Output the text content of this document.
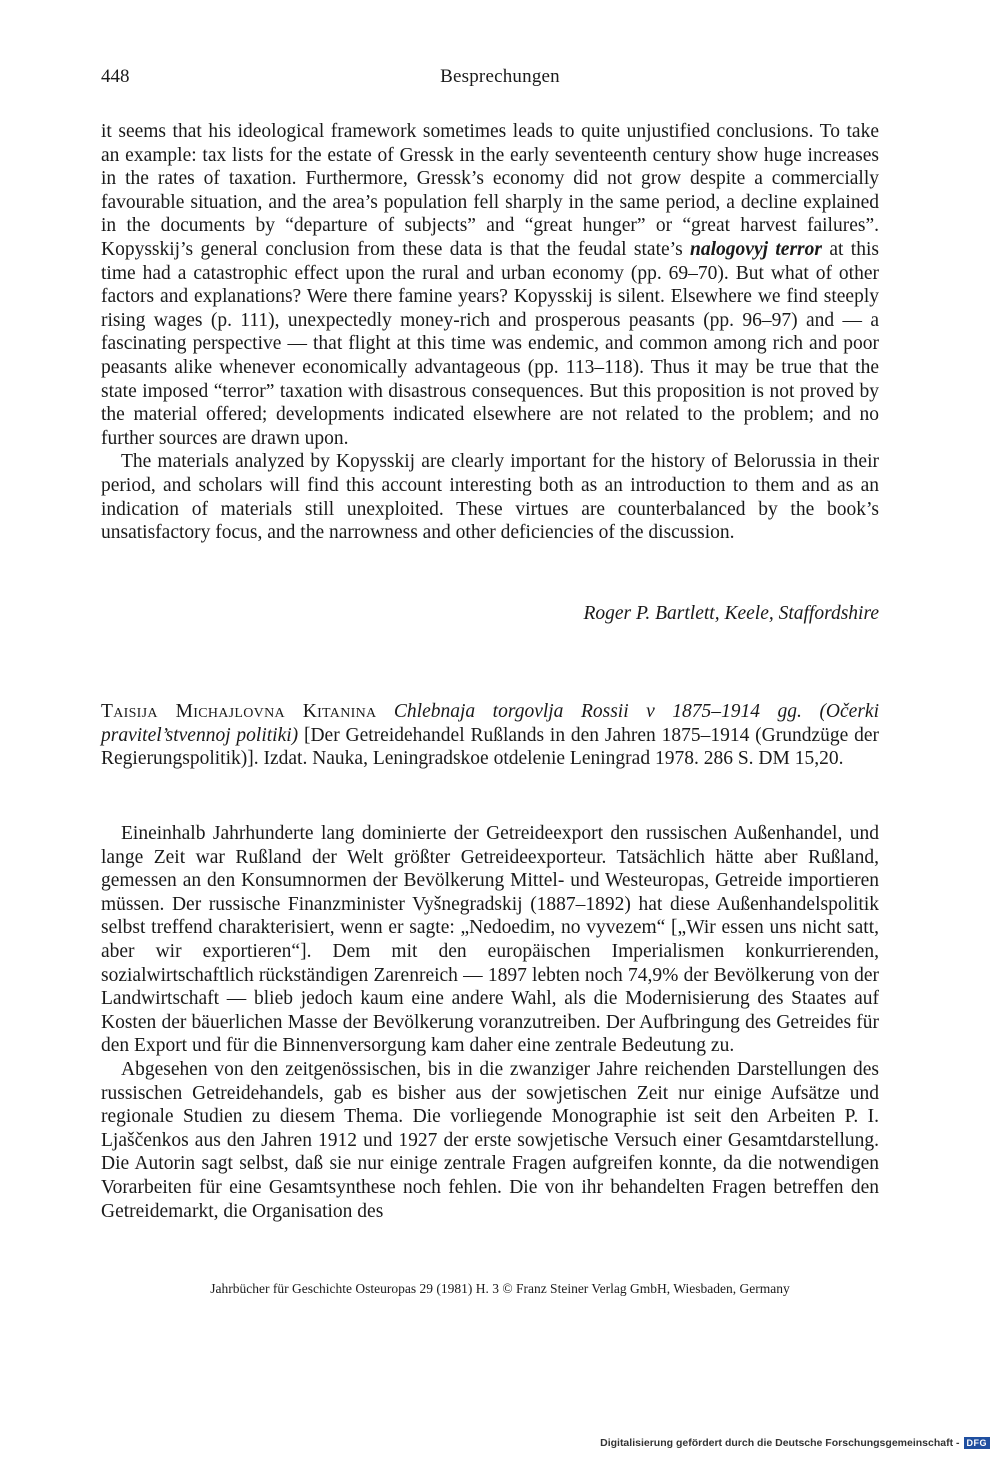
448	Besprechungen

it seems that his ideological framework sometimes leads to quite unjustified conclusions. To take an example: tax lists for the estate of Gressk in the early seventeenth century show huge increases in the rates of taxation. Furthermore, Gressk’s economy did not grow despite a commercially favourable situation, and the area’s population fell sharply in the same period, a decline explained in the documents by “departure of subjects” and “great hunger” or “great harvest failures”. Kopysskij’s general conclusion from these data is that the feudal state’s nalogovyj terror at this time had a catastrophic effect upon the rural and urban economy (pp. 69–70). But what of other factors and explanations? Were there famine years? Kopysskij is silent. Elsewhere we find steeply rising wages (p. 111), unexpectedly money-rich and prosperous peasants (pp. 96–97) and — a fascinating perspective — that flight at this time was endemic, and common among rich and poor peasants alike whenever economically advantageous (pp. 113–118). Thus it may be true that the state imposed “terror” taxation with disastrous consequences. But this proposition is not proved by the material offered; developments indicated elsewhere are not related to the problem; and no further sources are drawn upon.

The materials analyzed by Kopysskij are clearly important for the history of Belorussia in their period, and scholars will find this account interesting both as an introduction to them and as an indication of materials still unexploited. These virtues are counterbalanced by the book’s unsatisfactory focus, and the narrowness and other deficiencies of the discussion.

Roger P. Bartlett, Keele, Staffordshire
Taisija Michajlovna Kitanina Chlebnaja torgovlja Rossii v 1875–1914 gg. (Očerki pravitel’stvennoj politiki) [Der Getreidehandel Rußlands in den Jahren 1875–1914 (Grundzüge der Regierungspolitik)]. Izdat. Nauka, Leningradskoe otdelenie Leningrad 1978. 286 S. DM 15,20.

Eineinhalb Jahrhunderte lang dominierte der Getreideexport den russischen Außenhandel, und lange Zeit war Rußland der Welt größter Getreideexporteur. Tatsächlich hätte aber Rußland, gemessen an den Konsumnormen der Bevölkerung Mittel- und Westeuropas, Getreide importieren müssen. Der russische Finanzminister Vyšnegradskij (1887–1892) hat diese Außenhandelspolitik selbst treffend charakterisiert, wenn er sagte: „Nedoedim, no vyvezem“ [„Wir essen uns nicht satt, aber wir exportieren“]. Dem mit den europäischen Imperialismen konkurrierenden, sozialwirtschaftlich rückständigen Zarenreich — 1897 lebten noch 74,9% der Bevölkerung von der Landwirtschaft — blieb jedoch kaum eine andere Wahl, als die Modernisierung des Staates auf Kosten der bäuerlichen Masse der Bevölkerung voranzutreiben. Der Aufbringung des Getreides für den Export und für die Binnenversorgung kam daher eine zentrale Bedeutung zu.

Abgesehen von den zeitgenössischen, bis in die zwanziger Jahre reichenden Darstellungen des russischen Getreidehandels, gab es bisher aus der sowjetischen Zeit nur einige Aufsätze und regionale Studien zu diesem Thema. Die vorliegende Monographie ist seit den Arbeiten P. I. Ljaščenkos aus den Jahren 1912 und 1927 der erste sowjetische Versuch einer Gesamtdarstellung. Die Autorin sagt selbst, daß sie nur einige zentrale Fragen aufgreifen konnte, da die notwendigen Vorarbeiten für eine Gesamtsynthese noch fehlen. Die von ihr behandelten Fragen betreffen den Getreidemarkt, die Organisation des

Jahrbücher für Geschichte Osteuropas 29 (1981) H. 3 © Franz Steiner Verlag GmbH, Wiesbaden, Germany
Digitalisierung gefördert durch die Deutsche Forschungsgemeinschaft - DFG
